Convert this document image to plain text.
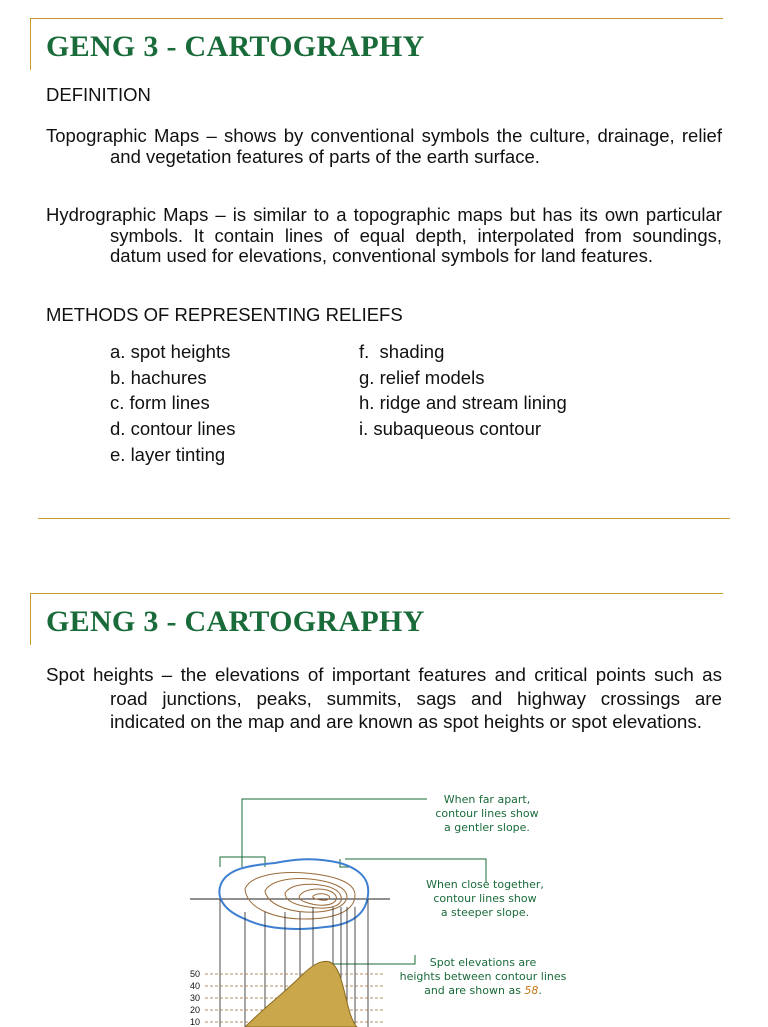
GENG 3 - CARTOGRAPHY
DEFINITION
Topographic Maps – shows by conventional symbols the culture, drainage, relief and vegetation features of parts of the earth surface.
Hydrographic Maps – is similar to a topographic maps but has its own particular symbols. It contain lines of equal depth, interpolated from soundings, datum used for elevations, conventional symbols for land features.
METHODS OF REPRESENTING RELIEFS
a. spot heights
b. hachures
c. form lines
d. contour lines
e. layer tinting
f.  shading
g. relief models
h. ridge and stream lining
i. subaqueous contour
GENG 3 - CARTOGRAPHY
Spot heights – the elevations of important features and critical points such as road junctions, peaks, summits, sags and highway crossings are indicated on the map and are known as spot heights or spot elevations.
50
40
30
20
10
When far apart,
contour lines show
a gentler slope.
When close together,
contour lines show
a steeper slope.
Spot elevations are
heights between contour lines
and are shown as 58.
